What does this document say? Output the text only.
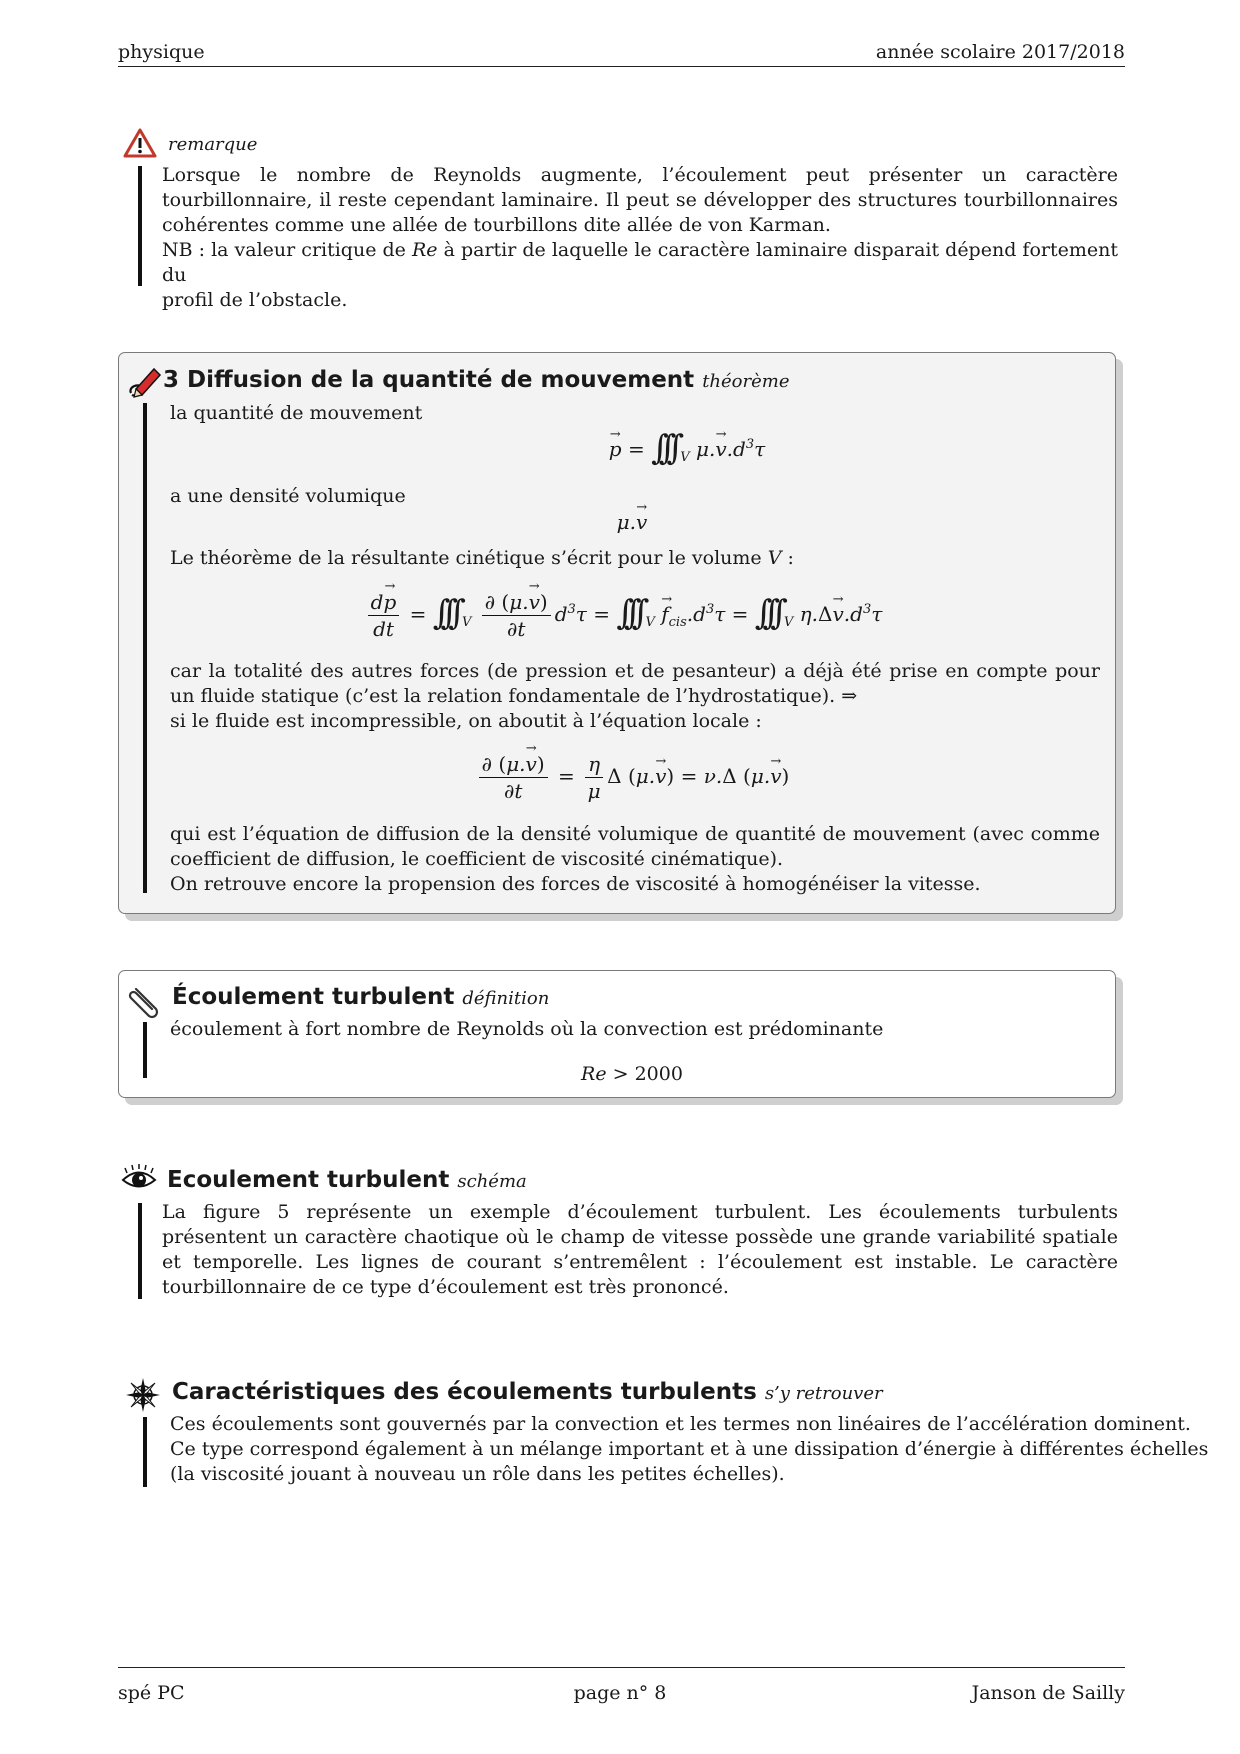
physique	année scolaire 2017/2018
remarque
Lorsque le nombre de Reynolds augmente, l’écoulement peut présenter un caractère tourbillonnaire, il reste cependant laminaire. Il peut se développer des structures tourbillonnaires cohérentes comme une allée de tourbillons dite allée de von Karman.
NB : la valeur critique de Re à partir de laquelle le caractère laminaire disparait dépend fortement du
profil de l’obstacle.
3 Diffusion de la quantité de mouvement théorème
la quantité de mouvement
→ p = ∫∫∫ $_V$ $\mu.\to v.d^3\tau$
a une densité volumique
μ.→ v
Le théorème de la résultante cinétique s’écrit pour le volume V :
$\frac{d\to p}{dt}$ = ∫∫∫ $_V \frac{\partial (\mu.\to v)}{\partial t} d^3\tau$ = ∫∫∫ $_V \to f_{cis}.d^3\tau$ = ∫∫∫ $_V$ $\eta.\Delta\to v.d^3\tau$
car la totalité des autres forces (de pression et de pesanteur) a déjà été prise en compte pour un fluide statique (c’est la relation fondamentale de l’hydrostatique). ⇒
si le fluide est incompressible, on aboutit à l’équation locale :
$\frac{\partial (\mu.\to v)}{\partial t} = \frac{\eta}{\mu}$ Δ (μ.→ v) = ν.Δ (μ.→ v)
qui est l’équation de diffusion de la densité volumique de quantité de mouvement (avec comme coefficient de diffusion, le coefficient de viscosité cinématique).
On retrouve encore la propension des forces de viscosité à homogénéiser la vitesse.
Écoulement turbulent définition
écoulement à fort nombre de Reynolds où la convection est prédominante
Re > 2000
Ecoulement turbulent schéma
La figure 5 représente un exemple d’écoulement turbulent. Les écoulements turbulents présentent un caractère chaotique où le champ de vitesse possède une grande variabilité spatiale et temporelle. Les lignes de courant s’entremêlent : l’écoulement est instable. Le caractère tourbillonnaire de ce type d’écoulement est très prononcé.
Caractéristiques des écoulements turbulents s’y retrouver
Ces écoulements sont gouvernés par la convection et les termes non linéaires de l’accélération dominent.
Ce type correspond également à un mélange important et à une dissipation d’énergie à différentes échelles
(la viscosité jouant à nouveau un rôle dans les petites échelles).
spé PC	page n° 8	Janson de Sailly
